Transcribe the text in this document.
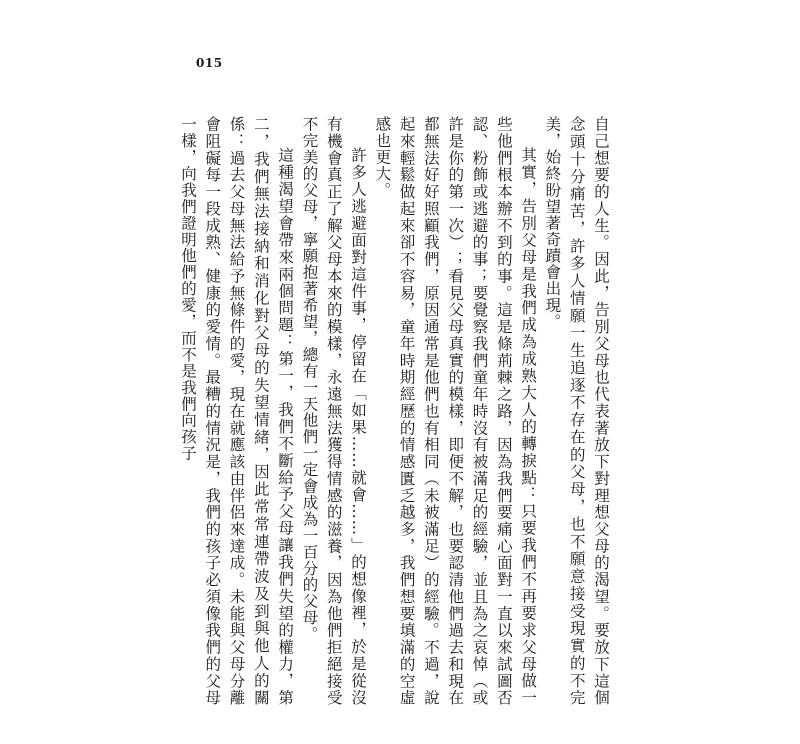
015

自己想要的人生。因此，告別父母也代表著放下對理想父母的渴望。要放下這個念頭十分痛苦，許多人情願一生追逐不存在的父母，也不願意接受現實的不完美，始終盼望著奇蹟會出現。

其實，告別父母是我們成為成熟大人的轉捩點：只要我們不再要求父母做一些他們根本辦不到的事。這是條荊棘之路，因為我們要痛心面對一直以來試圖否認、粉飾或逃避的事；要覺察我們童年時沒有被滿足的經驗，並且為之哀悼（或許是你的第一次）；看見父母真實的模樣，即便不解，也要認清他們過去和現在都無法好好照顧我們，原因通常是他們也有相同（未被滿足）的經驗。不過，說起來輕鬆做起來卻不容易，童年時期經歷的情感匱乏越多，我們想要填滿的空虛感也更大。

許多人逃避面對這件事，停留在「如果……就會……」的想像裡，於是從沒有機會真正了解父母本來的模樣，永遠無法獲得情感的滋養，因為他們拒絕接受不完美的父母，寧願抱著希望，總有一天他們一定會成為一百分的父母。

這種渴望會帶來兩個問題：第一，我們不斷給予父母讓我們失望的權力，第二，我們無法接納和消化對父母的失望情緒，因此常常連帶波及到與他人的關係：過去父母無法給予無條件的愛，現在就應該由伴侶來達成。未能與父母分離會阻礙每一段成熟、健康的愛情。最糟的情況是，我們的孩子必須像我們的父母一樣，向我們證明他們的愛，而不是我們向孩子
